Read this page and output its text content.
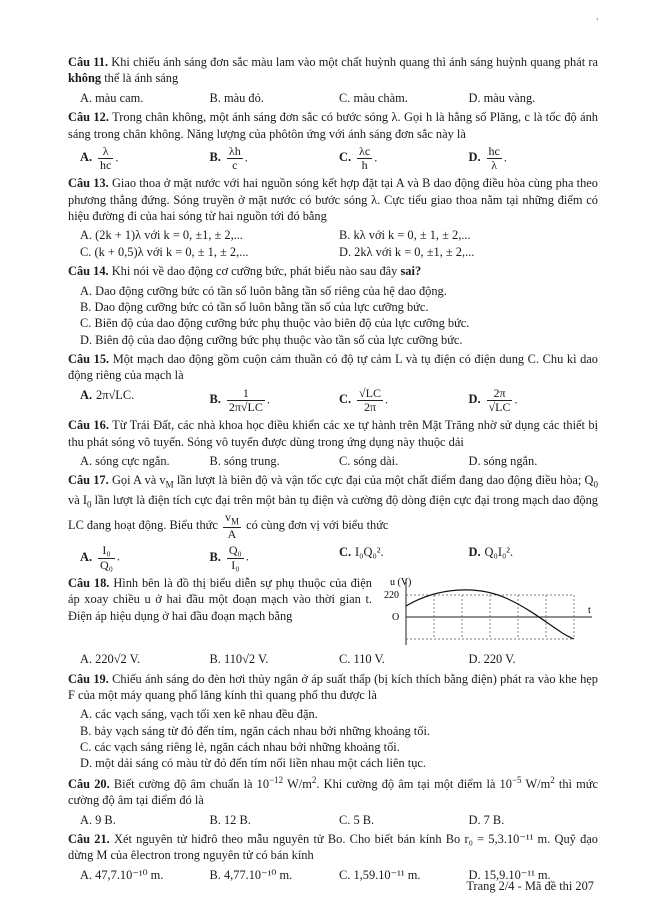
'
Câu 11. Khi chiếu ánh sáng đơn sắc màu lam vào một chất huỳnh quang thì ánh sáng huỳnh quang phát ra không thể là ánh sáng
A. màu cam.	B. màu đỏ.	C. màu chàm.	D. màu vàng.
Câu 12. Trong chân không, một ánh sáng đơn sắc có bước sóng λ. Gọi h là hằng số Plăng, c là tốc độ ánh sáng trong chân không. Năng lượng của phôtôn ứng với ánh sáng đơn sắc này là
A. $\frac{\lambda}{hc}$ .	B. $\frac{\lambda h}{c}$ .	C. $\frac{\lambda c}{h}$ .	D. $\frac{hc}{\lambda}$ .
Câu 13. Giao thoa ở mặt nước với hai nguồn sóng kết hợp đặt tại A và B dao động điều hòa cùng pha theo phương thẳng đứng. Sóng truyền ở mặt nước có bước sóng λ. Cực tiểu giao thoa nằm tại những điểm có hiệu đường đi của hai sóng từ hai nguồn tới đó bằng
A. (2k + 1)λ với k = 0, ±1, ± 2,...	B. kλ với k = 0, ± 1, ± 2,...
C. (k + 0,5)λ với k = 0, ± 1, ± 2,...	D. 2kλ với k = 0, ±1, ± 2,...
Câu 14. Khi nói về dao động cơ cưỡng bức, phát biểu nào sau đây sai?
A. Dao động cưỡng bức có tần số luôn bằng tần số riêng của hệ dao động.
B. Dao động cưỡng bức có tần số luôn bằng tần số của lực cưỡng bức.
C. Biên độ của dao động cưỡng bức phụ thuộc vào biên độ của lực cưỡng bức.
D. Biên độ của dao động cưỡng bức phụ thuộc vào tần số của lực cưỡng bức.
Câu 15. Một mạch dao động gồm cuộn cảm thuần có độ tự cảm L và tụ điện có điện dung C. Chu kì dao động riêng của mạch là
A. 2π√LC.	B. $\frac{1}{2\pi√LC}$ .	C. $\frac{√LC}{2\pi}$ .	D. $\frac{2\pi}{√LC}$ .
Câu 16. Từ Trái Đất, các nhà khoa học điều khiển các xe tự hành trên Mặt Trăng nhờ sử dụng các thiết bị thu phát sóng vô tuyến. Sóng vô tuyến được dùng trong ứng dụng này thuộc dải
A. sóng cực ngắn.	B. sóng trung.	C. sóng dài.	D. sóng ngắn.
Câu 17. Gọi A và $v_M$ lần lượt là biên độ và vận tốc cực đại của một chất điểm đang dao động điều hòa; $Q_0$ và $I_0$ lần lượt là điện tích cực đại trên một bản tụ điện và cường độ dòng điện cực đại trong mạch dao động LC đang hoạt động. Biểu thức $\frac{v_M}{A}$ có cùng đơn vị với biểu thức
A. $\frac{\text{I₀}}{\text{Q₀}}$ .	B. $\frac{\text{Q₀}}{\text{I₀}}$ .	C. I₀Q₀².	D. Q₀I₀².
Câu 18. Hình bên là đồ thị biểu diễn sự phụ thuộc của điện áp xoay chiều u ở hai đầu một đoạn mạch vào thời gian t. Điện áp hiệu dụng ở hai đầu đoạn mạch bằng
u (V)
220
O
t
A. 220√2 V.	B. 110√2 V.	C. 110 V.	D. 220 V.
Câu 19. Chiếu ánh sáng do đèn hơi thủy ngân ở áp suất thấp (bị kích thích bằng điện) phát ra vào khe hẹp F của một máy quang phổ lăng kính thì quang phổ thu được là
A. các vạch sáng, vạch tối xen kẽ nhau đều đặn.
B. bảy vạch sáng từ đỏ đến tím, ngăn cách nhau bởi những khoảng tối.
C. các vạch sáng riêng lẻ, ngăn cách nhau bởi những khoảng tối.
D. một dải sáng có màu từ đỏ đến tím nối liền nhau một cách liên tục.
Câu 20. Biết cường độ âm chuẩn là $10^{-12}$ $W/m^2$. Khi cường độ âm tại một điểm là $10^{-5}$ $W/m^2$ thì mức cường độ âm tại điểm đó là
A. 9 B.	B. 12 B.	C. 5 B.	D. 7 B.
Câu 21. Xét nguyên tử hiđrô theo mẫu nguyên tử Bo. Cho biết bán kính Bo r₀ = 5,3.10⁻¹¹ m. Quỹ đạo dừng M của êlectron trong nguyên tử có bán kính
A. 47,7.10⁻¹⁰ m.	B. 4,77.10⁻¹⁰ m.	C. 1,59.10⁻¹¹ m.	D. 15,9.10⁻¹¹ m.
Trang 2/4 - Mã đề thi 207
